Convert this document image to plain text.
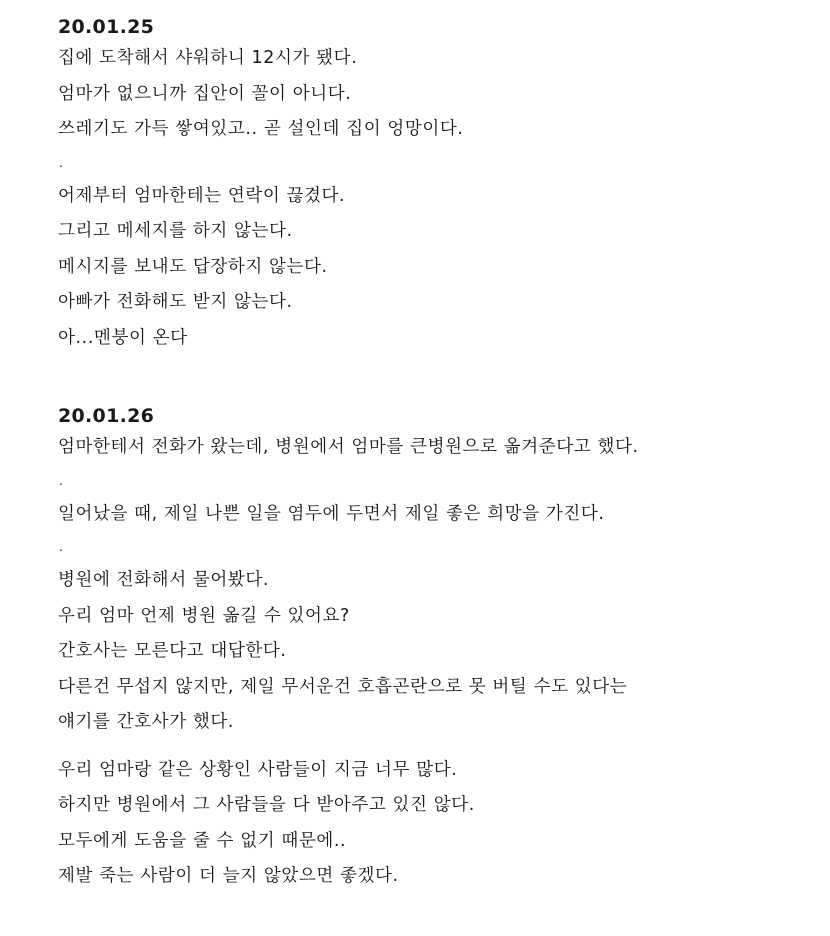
20.01.25

집에 도착해서 샤워하니 12시가 됐다.

엄마가 없으니까 집안이 꼴이 아니다.

쓰레기도 가득 쌓여있고.. 곧 설인데 집이 엉망이다.

.

어제부터 엄마한테는 연락이 끊겼다.

그리고 메세지를 하지 않는다.

메시지를 보내도 답장하지 않는다.

아빠가 전화해도 받지 않는다.

아...멘붕이 온다

20.01.26

엄마한테서 전화가 왔는데, 병원에서 엄마를 큰병원으로 옮겨준다고 했다.

.

일어났을 때, 제일 나쁜 일을 염두에 두면서 제일 좋은 희망을 가진다.

.

병원에 전화해서 물어봤다.

우리 엄마 언제 병원 옮길 수 있어요?

간호사는 모른다고 대답한다.

다른건 무섭지 않지만, 제일 무서운건 호흡곤란으로 못 버틸 수도 있다는

얘기를 간호사가 했다.

우리 엄마랑 같은 상황인 사람들이 지금 너무 많다.

하지만 병원에서 그 사람들을 다 받아주고 있진 않다.

모두에게 도움을 줄 수 없기 때문에..

제발 죽는 사람이 더 늘지 않았으면 좋겠다.
